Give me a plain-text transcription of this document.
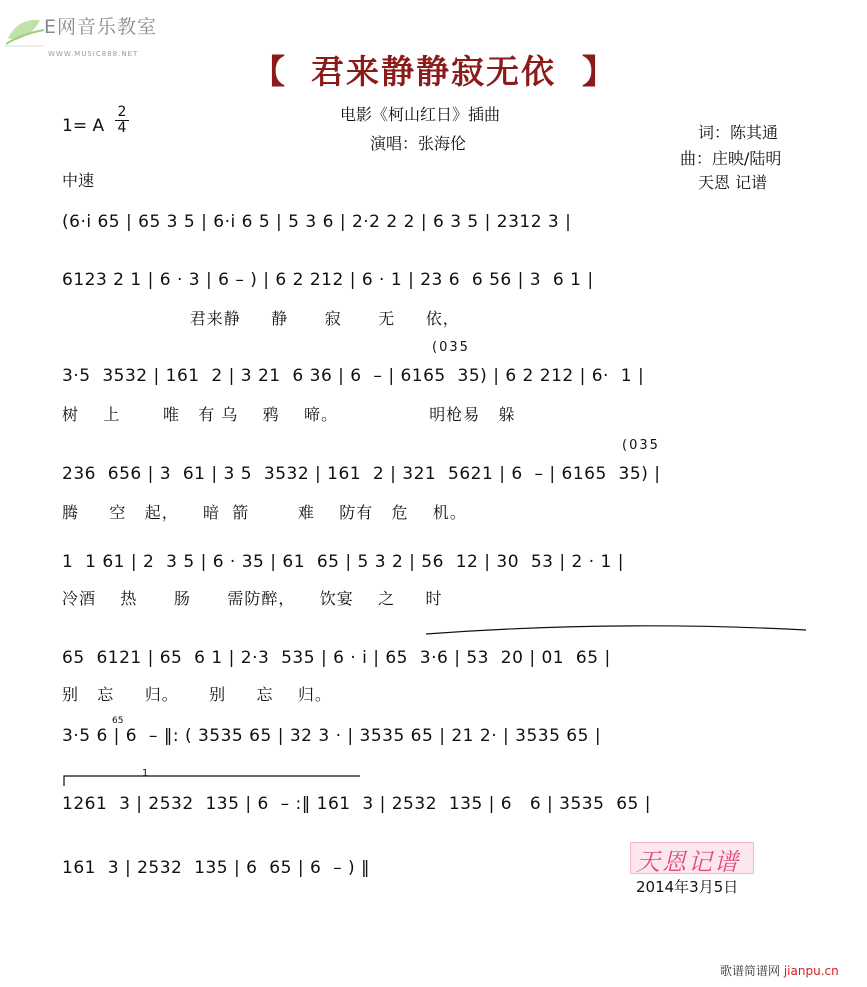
E网音乐教室
WWW.MUSIC888.NET	【 君来静静寂无依 】
1= A $\frac{2}{4}$	电影《柯山红日》插曲
演唱：张海伦
词：陈其通
曲：庄映/陆明
天恩 记谱
中速
(6·i 65 | 65 3 5 | 6·i 6 5 | 5 3 6 | 2·2 2 2 | 6 3 5 | 2312 3 |
6123 2 1 | 6 · 3 | 6 – ) | 6 2 212 | 6 · 1 | 23 6  6 56 | 3  6 1 |
君来静     静      寂      无     依，
(035
3·5  3532 | 161  2 | 3 21  6 36 | 6  – | 6165  35) | 6 2 212 | 6·  1 |
树    上       唯   有 乌    鸦    啼。               明枪易   躲
(035
236  656 | 3  61 | 3 5  3532 | 161  2 | 321  5621 | 6  – | 6165  35) |
腾     空   起，    暗  箭        难    防有   危    机。
1  1 61 | 2  3 5 | 6 · 35 | 61  65 | 5 3 2 | 56  12 | 30  53 | 2 · 1 |
冷酒    热      肠      需防醉，    饮宴    之     时
65  6121 | 65  6 1 | 2·3  535 | 6 · i | 65  3·6 | 53  20 | 01  65 |
别   忘     归。     别     忘    归。
65
3·5 6 | 6  – ‖: ( 3535 65 | 32 3 · | 3535 65 | 21 2· | 3535 65 |
1
1261  3 | 2532  135 | 6  – :‖ 161  3 | 2532  135 | 6   6 | 3535  65 |
161  3 | 2532  135 | 6  65 | 6  – ) ‖	天恩记谱
2014年3月5日
歌谱简谱网 jianpu.cn
